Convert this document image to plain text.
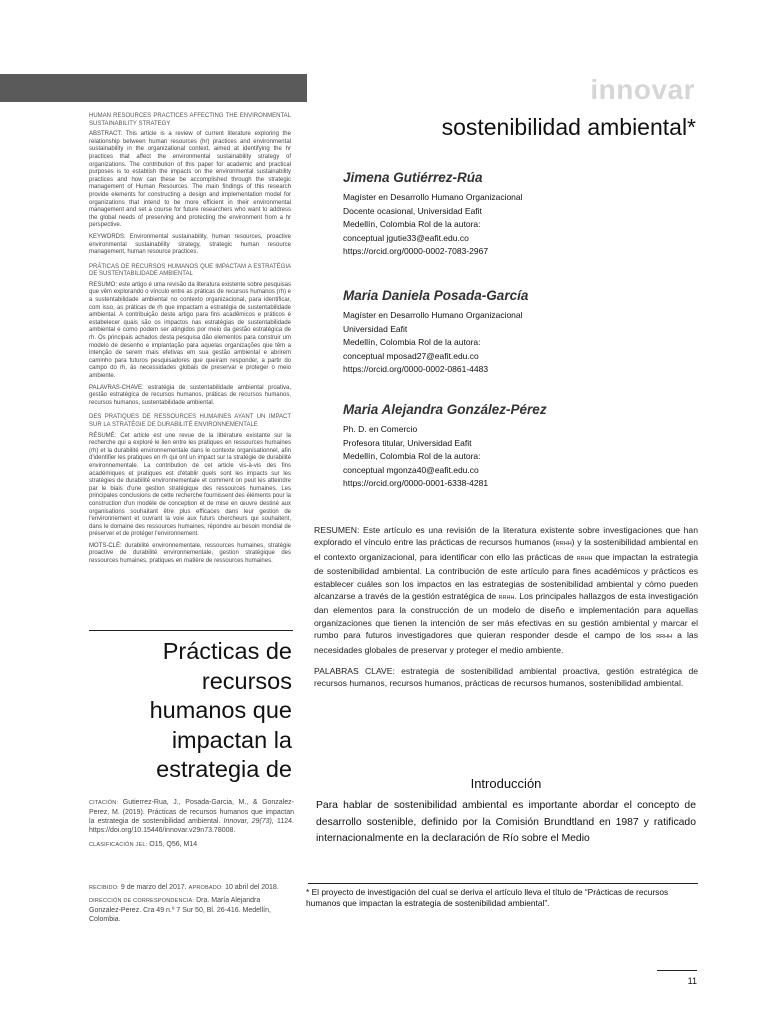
innovar
sostenibilidad ambiental*

HUMAN RESOURCES PRACTICES AFFECTING THE ENVIRONMENTAL SUSTAINABILITY STRATEGY

ABSTRACT: This article is a review of current literature exploring the relationship between human resources (hr) practices and environmental sustainability in the organizational context, aimed at identifying the hr practices that affect the environmental sustainability strategy of organizations. The contribution of this paper for academic and practical purposes is to establish the impacts on the environmental sustainability practices and how can these be accomplished through the strategic management of Human Resources. The main findings of this research provide elements for constructing a design and implementation model for organizations that intend to be more efficient in their environmental management and set a course for future researchers who want to address the global needs of preserving and protecting the environment from a hr perspective.

KEYWORDS: Environmental sustainability, human resources, proactive environmental sustainability strategy, strategic human resource management, human resource practices.

PRÁTICAS DE RECURSOS HUMANOS QUE IMPACTAM A ESTRATÉGIA DE SUSTENTABILIDADE AMBIENTAL

RESUMO: este artigo é uma revisão da literatura existente sobre pesquisas que vêm explorando o vínculo entre as práticas de recursos humanos (rh) e a sustentabilidade ambiental no contexto organizacional, para identificar, com isso, as práticas de rh que impactam a estratégia de sustentabilidade ambiental. A contribuição deste artigo para fins acadêmicos e práticos é estabelecer quais são os impactos nas estratégias de sustentabilidade ambiental e como podem ser atingidos por meio da gestão estratégica de rh. Os principais achados desta pesquisa dão elementos para construir um modelo de desenho e implantação para aquelas organizações que têm a intenção de serem mais efetivas em sua gestão ambiental e abrirem caminho para futuros pesquisadores que queiram responder, a partir do campo do rh, às necessidades globais de preservar e proteger o meio ambiente.

PALAVRAS-CHAVE: estratégia de sustentabilidade ambiental proativa, gestão estratégica de recursos humanos, práticas de recursos humanos, recursos humanos, sustentabilidade ambiental.

DES PRATIQUES DE RESSOURCES HUMAINES AYANT UN IMPACT SUR LA STRATÉGIE DE DURABILITÉ ENVIRONNEMENTALE

RÉSUMÉ: Cet article est une revue de la littérature existante sur la recherche qui a exploré le lien entre les pratiques en ressources humaines (rh) et la durabilité environnementale dans le contexte organisationnel, afin d'identifier les pratiques en rh qui ont un impact sur la stratégie de durabilité environnementale. La contribution de cet article vis-à-vis des fins académiques et pratiques est d'établir quels sont les impacts sur les stratégies de durabilité environnementale et comment on peut les atteindre par le biais d'une gestion stratégique des ressources humaines. Les principales conclusions de cette recherche fournissent des éléments pour la construction d'un modèle de conception et de mise en œuvre destiné aux organisations souhaitant être plus efficaces dans leur gestion de l'environnement et ouvrant la voie aux futurs chercheurs qui souhaitent, dans le domaine des ressources humaines, répondre au besoin mondial de préserver et de protéger l'environnement.

MOTS-CLÉ: durabilité environnementale, ressources humaines, stratégie proactive de durabilité environnementale, gestion stratégique des ressources humaines, pratiques en matière de ressources humaines.

Prácticas de recursos humanos que impactan la estrategia de

CITACIÓN: Gutierrez-Rua, J., Posada-Garcia, M., & Gonzalez- Perez, M. (2019). Prácticas de recursos humanos que impactan la estrategia de sostenibilidad ambiental. Innovar, 29(73), 1124. https://doi.org/10.15446/innovar.v29n73.78008.

CLASIFICACIÓN JEL: O15, Q56, M14

RECIBIDO: 9 de marzo del 2017. APROBADO: 10 abril del 2018.

DIRECCIÓN DE CORRESPONDENCIA: Dra. María Alejandra Gonzalez-Perez. Cra 49 n.º 7 Sur 50, Bl. 26-416. Medellín, Colombia.

Jimena Gutiérrez-Rúa
Magíster en Desarrollo Humano Organizacional
Docente ocasional, Universidad Eafit
Medellín, Colombia Rol de la autora:
conceptual jgutie33@eafit.edu.co
https://orcid.org/0000-0002-7083-2967
Maria Daniela Posada-García
Magíster en Desarrollo Humano Organizacional
Universidad Eafit
Medellín, Colombia Rol de la autora:
conceptual mposad27@eafit.edu.co
https://orcid.org/0000-0002-0861-4483
Maria Alejandra González-Pérez
Ph. D. en Comercio
Profesora titular, Universidad Eafit
Medellín, Colombia Rol de la autora:
conceptual mgonza40@eafit.edu.co
https://orcid.org/0000-0001-6338-4281

RESUMEN: Este artículo es una revisión de la literatura existente sobre investigaciones que han explorado el vínculo entre las prácticas de recursos humanos (RRHH) y la sostenibilidad ambiental en el contexto organizacional, para identificar con ello las prácticas de RRHH que impactan la estrategia de sostenibilidad ambiental. La contribución de este artículo para fines académicos y prácticos es establecer cuáles son los impactos en las estrategias de sostenibilidad ambiental y cómo pueden alcanzarse a través de la gestión estratégica de RRHH. Los principales hallazgos de esta investigación dan elementos para la construcción de un modelo de diseño e implementación para aquellas organizaciones que tienen la intención de ser más efectivas en su gestión ambiental y marcar el rumbo para futuros investigadores que quieran responder desde el campo de los RRHH a las necesidades globales de preservar y proteger el medio ambiente.

PALABRAS CLAVE: estrategia de sostenibilidad ambiental proactiva, gestión estratégica de recursos humanos, recursos humanos, prácticas de recursos humanos, sostenibilidad ambiental.

Introducción
Para hablar de sostenibilidad ambiental es importante abordar el concepto de desarrollo sostenible, definido por la Comisión Brundtland en 1987 y ratificado internacionalmente en la declaración de Río sobre el Medio
* El proyecto de investigación del cual se deriva el artículo lleva el título de “Prácticas de recursos humanos que impactan la estrategia de sostenibilidad ambiental”.
11
